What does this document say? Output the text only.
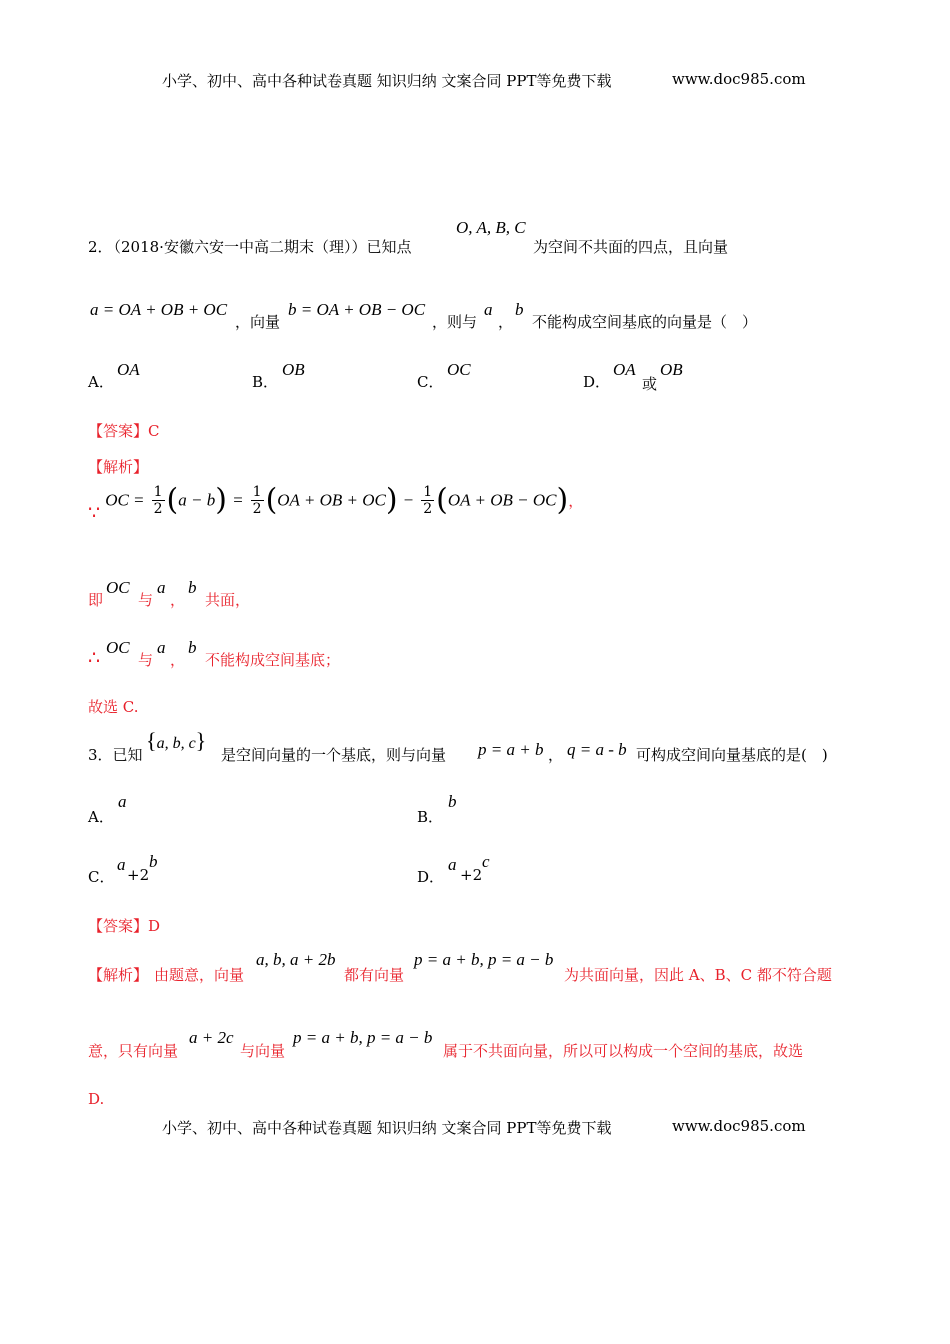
小学、初中、高中各种试卷真题 知识归纳 文案合同 PPT等免费下载	www.doc985.com
2．
（2018·安徽六安一中高二期末（理））已知点
O, A, B, C
为空间不共面的四点，且向量
a = OA + OB + OC
，向量
b = OA + OB − OC
，则与
a
，
b
不能构成空间基底的向量是（　）
A．
OA
B．
OB
C．
OC
D．
OA
或
OB
【答案】C
【解析】
∵ OC = $\frac{1}{2} (a - b) = \frac{1}{2} (OA$ + OB + $OC) - \frac{1}{2} (OA$ + OB − OC)，
即
OC
与
a
，
b
共面，
∴ OC
与
a
，
b
不能构成空间基底；
故选 C.
3．已知
{a, b, c}
是空间向量的一个基底，则与向量 p = a + b ， q = a - b 可构成空间向量基底的是(　)
A．
a
B．
b
C．
a
+2
b
D．
a
+2
c
【答案】D
【解析】 由题意，向量
a, b, a + 2b
都有向量
p = a + b, p = a − b
为共面向量，因此 A、B、C 都不符合题
意，只有向量
a + 2c
与向量
p = a + b, p = a − b
属于不共面向量，所以可以构成一个空间的基底，故选
D.
小学、初中、高中各种试卷真题 知识归纳 文案合同 PPT等免费下载	www.doc985.com
